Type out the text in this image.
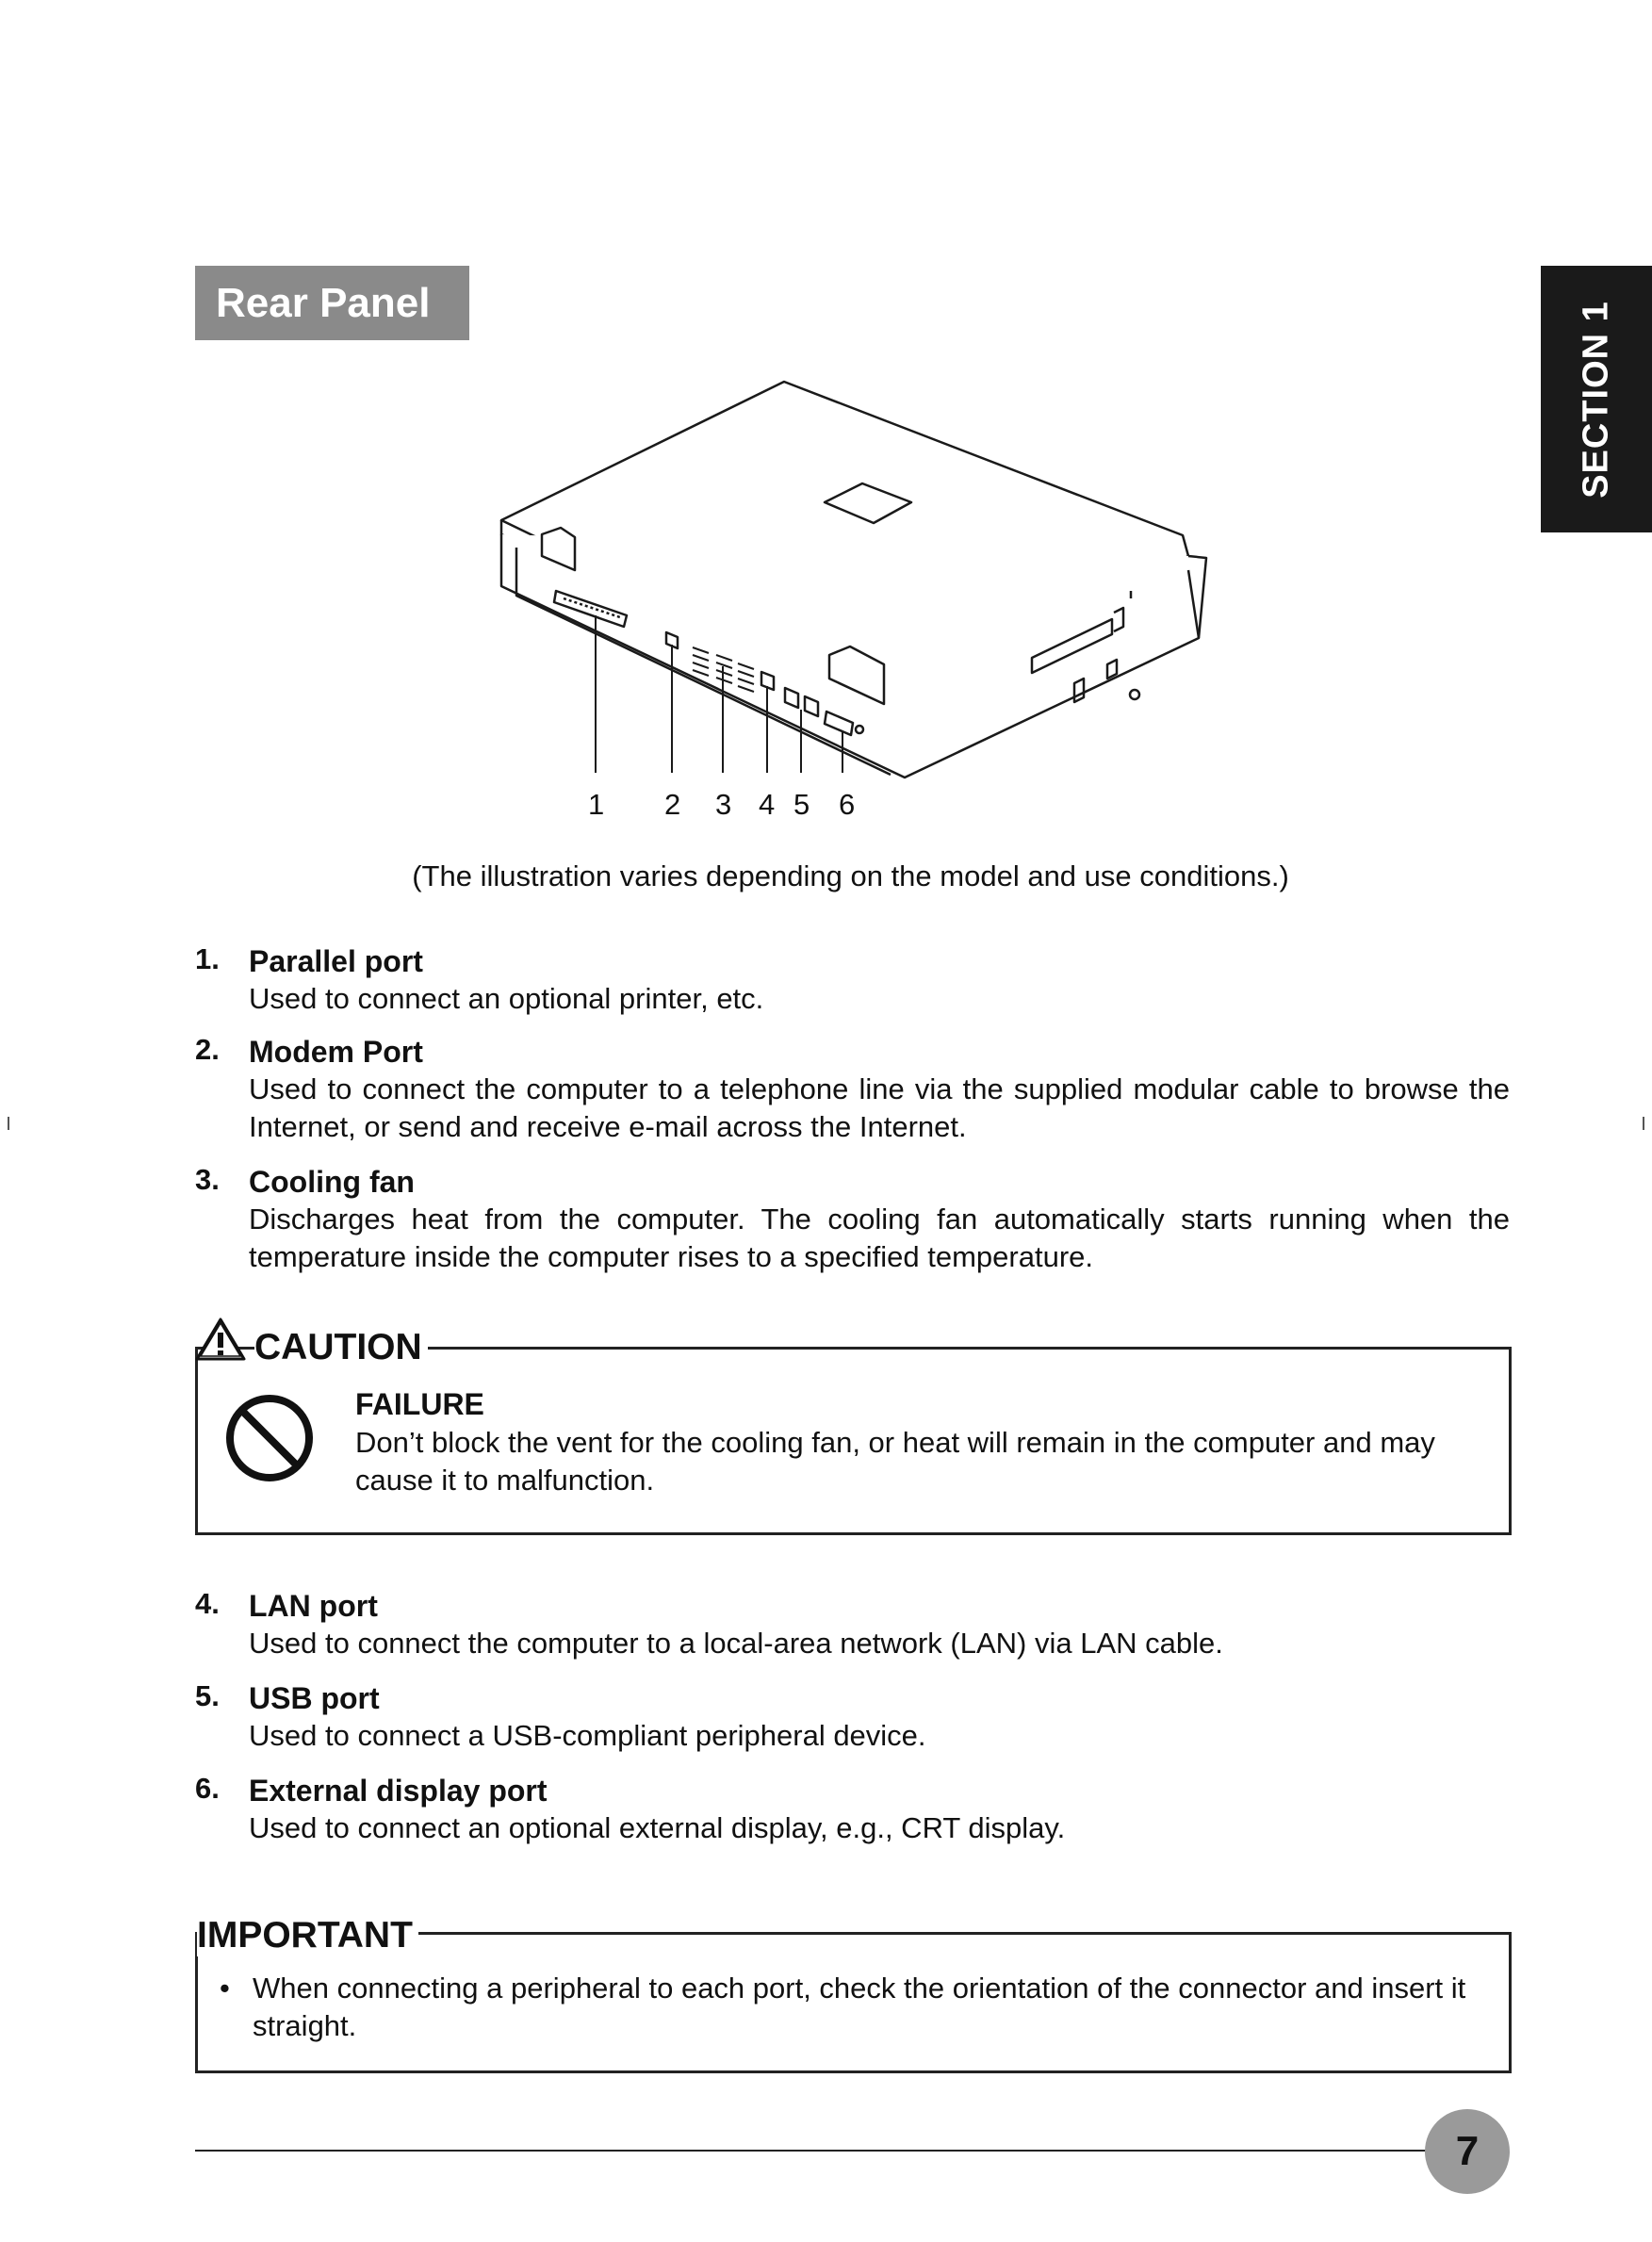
Rear Panel	SECTION 1
1 2 3 4 5 6
(The illustration varies depending on the model and use conditions.)
1. Parallel port
Used to connect an optional printer, etc.
2. Modem Port
Used to connect the computer to a telephone line via the supplied modular cable to browse the Internet, or send and receive e-mail across the Internet.
3. Cooling fan
Discharges heat from the computer. The cooling fan automatically starts running when the temperature inside the computer rises to a specified temperature.
CAUTION
FAILURE
Don’t block the vent for the cooling fan, or heat will remain in the computer and may cause it to malfunction.
4. LAN port
Used to connect the computer to a local-area network (LAN) via LAN cable.
5. USB port
Used to connect a USB-compliant peripheral device.
6. External display port
Used to connect an optional external display, e.g., CRT display.
IMPORTANT
• When connecting a peripheral to each port, check the orientation of the connector and insert it straight.
7
